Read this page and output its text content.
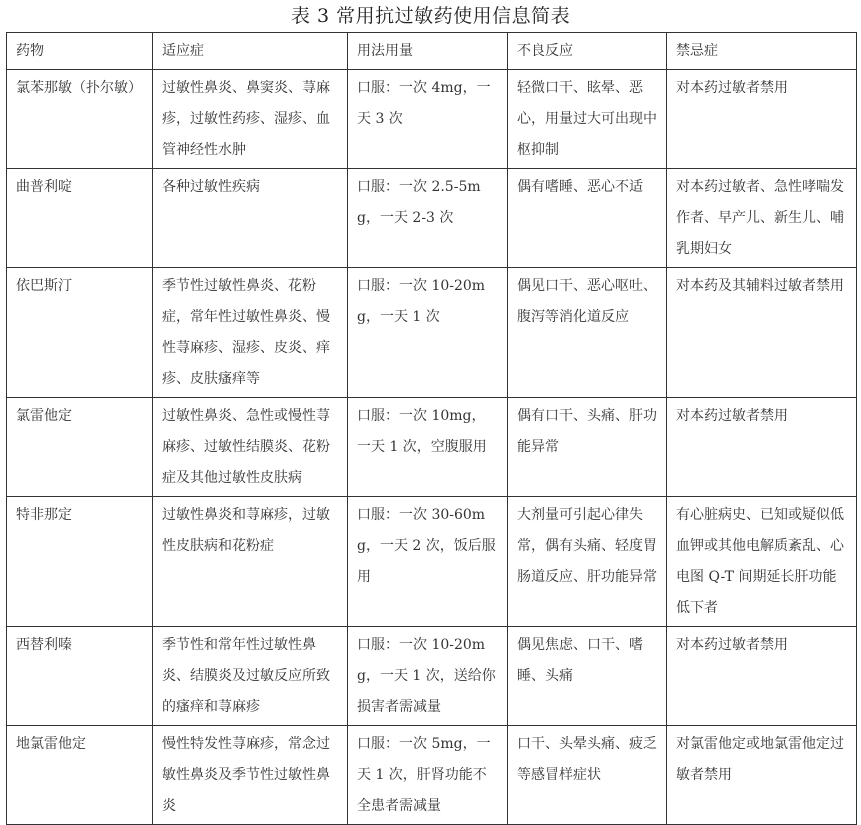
表 3 常用抗过敏药使用信息简表
药物	适应症	用法用量	不良反应	禁忌症
氯苯那敏（扑尔敏）	过敏性鼻炎、鼻窦炎、荨麻疹，过敏性药疹、湿疹、血管神经性水肿	口服：一次 4mg，一天 3 次	轻微口干、眩晕、恶心，用量过大可出现中枢抑制	对本药过敏者禁用
曲普利啶	各种过敏性疾病	口服：一次 2.5-5mg，一天 2-3 次	偶有嗜睡、恶心不适	对本药过敏者、急性哮喘发作者、早产儿、新生儿、哺乳期妇女
依巴斯汀	季节性过敏性鼻炎、花粉症，常年性过敏性鼻炎、慢性荨麻疹、湿疹、皮炎、痒疹、皮肤瘙痒等	口服：一次 10-20mg，一天 1 次	偶见口干、恶心呕吐、腹泻等消化道反应	对本药及其辅料过敏者禁用
氯雷他定	过敏性鼻炎、急性或慢性荨麻疹、过敏性结膜炎、花粉症及其他过敏性皮肤病	口服：一次 10mg，一天 1 次，空腹服用	偶有口干、头痛、肝功能异常	对本药过敏者禁用
特非那定	过敏性鼻炎和荨麻疹，过敏性皮肤病和花粉症	口服：一次 30-60mg，一天 2 次，饭后服用	大剂量可引起心律失常，偶有头痛、轻度胃肠道反应、肝功能异常	有心脏病史、已知或疑似低血钾或其他电解质紊乱、心电图 Q-T 间期延长肝功能低下者
西替利嗪	季节性和常年性过敏性鼻炎、结膜炎及过敏反应所致的瘙痒和荨麻疹	口服：一次 10-20mg，一天 1 次，送给你损害者需减量	偶见焦虑、口干、嗜睡、头痛	对本药过敏者禁用
地氯雷他定	慢性特发性荨麻疹，常念过敏性鼻炎及季节性过敏性鼻炎	口服：一次 5mg，一天 1 次，肝肾功能不全患者需减量	口干、头晕头痛、疲乏等感冒样症状	对氯雷他定或地氯雷他定过敏者禁用
